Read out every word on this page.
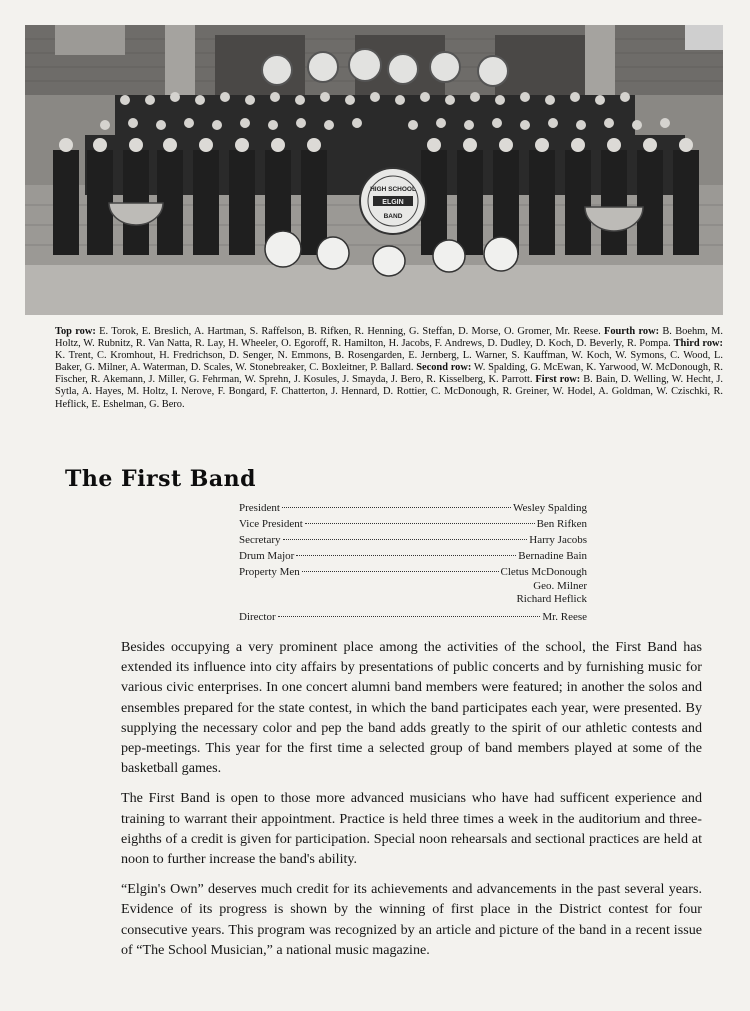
HIGH SCHOOL
ELGIN
BAND
Top row: E. Torok, E. Breslich, A. Hartman, S. Raffelson, B. Rifken, R. Henning, G. Steffan, D. Morse, O. Gromer, Mr. Reese. Fourth row: B. Boehm, M. Holtz, W. Rubnitz, R. Van Natta, R. Lay, H. Wheeler, O. Egoroff, R. Hamilton, H. Jacobs, F. Andrews, D. Dudley, D. Koch, D. Beverly, R. Pompa. Third row: K. Trent, C. Kromhout, H. Fredrichson, D. Senger, N. Emmons, B. Rosengarden, E. Jernberg, L. Warner, S. Kauffman, W. Koch, W. Symons, C. Wood, L. Baker, G. Milner, A. Waterman, D. Scales, W. Stonebreaker, C. Boxleitner, P. Ballard. Second row: W. Spalding, G. McEwan, K. Yarwood, W. McDonough, R. Fischer, R. Akemann, J. Miller, G. Fehrman, W. Sprehn, J. Kosules, J. Smayda, J. Bero, R. Kisselberg, K. Parrott. First row: B. Bain, D. Welling, W. Hecht, J. Sytla, A. Hayes, M. Holtz, I. Nerove, F. Bongard, F. Chatterton, J. Hennard, D. Rottier, C. McDonough, R. Greiner, W. Hodel, A. Goldman, W. Czischki, R. Heflick, E. Eshelman, G. Bero.
The First Band
President	Wesley Spalding
Vice President	Ben Rifken
Secretary	Harry Jacobs
Drum Major	Bernadine Bain
Property Men	Cletus McDonough
Geo. Milner
Richard Heflick
Director	Mr. Reese

Besides occupying a very prominent place among the activities of the school, the First Band has extended its influence into city affairs by presentations of public concerts and by furnishing music for various civic enterprises. In one concert alumni band members were featured; in another the solos and ensembles prepared for the state contest, in which the band participates each year, were presented. By supplying the necessary color and pep the band adds greatly to the spirit of our athletic contests and pep-meetings. This year for the first time a selected group of band members played at some of the basketball games.

The First Band is open to those more advanced musicians who have had sufficent experience and training to warrant their appointment. Practice is held three times a week in the auditorium and three-eighths of a credit is given for participation. Special noon rehearsals and sectional practices are held at noon to further increase the band's ability.

“Elgin's Own” deserves much credit for its achievements and advancements in the past several years. Evidence of its progress is shown by the winning of first place in the District contest for four consecutive years. This program was recognized by an article and picture of the band in a recent issue of “The School Musician,” a national music magazine.
